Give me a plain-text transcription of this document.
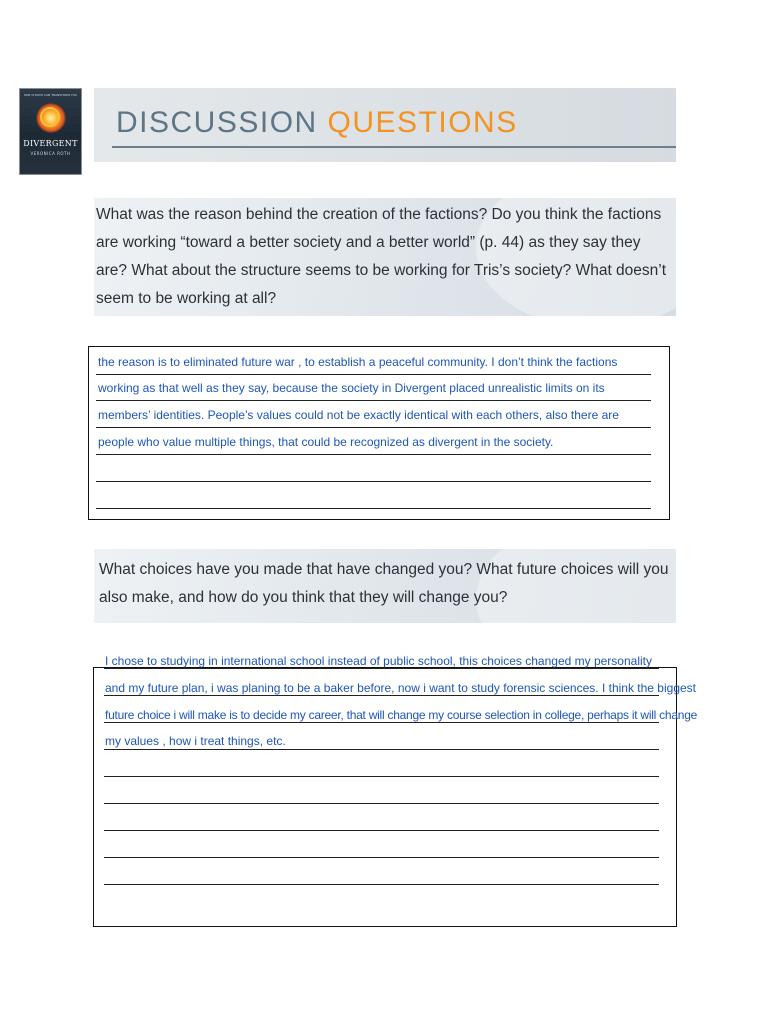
ONE CHOICE CAN TRANSFORM YOU
DIVERGENT
VERONICA ROTH
DISCUSSION QUESTIONS
What was the reason behind the creation of the factions? Do you think the factions are working “toward a better society and a better world” (p. 44) as they say they are? What about the structure seems to be working for Tris’s society? What doesn’t seem to be working at all?
the reason is to eliminated future war , to establish a peaceful community. I don’t think the factions
working as that well as they say, because the society in Divergent placed unrealistic limits on its
members’ identities. People’s values could not be exactly identical with each others, also there are
people who value multiple things, that could be recognized as divergent in the society.
What choices have you made that have changed you? What future choices will you also make, and how do you think that they will change you?
I chose to studying in international school instead of public school, this choices changed my personality
and my future plan, i was planing to be a baker before, now i want to study forensic sciences. I think the biggest
future choice i will make is to decide my career, that will change my course selection in college, perhaps it will change
my values , how i treat things, etc.
